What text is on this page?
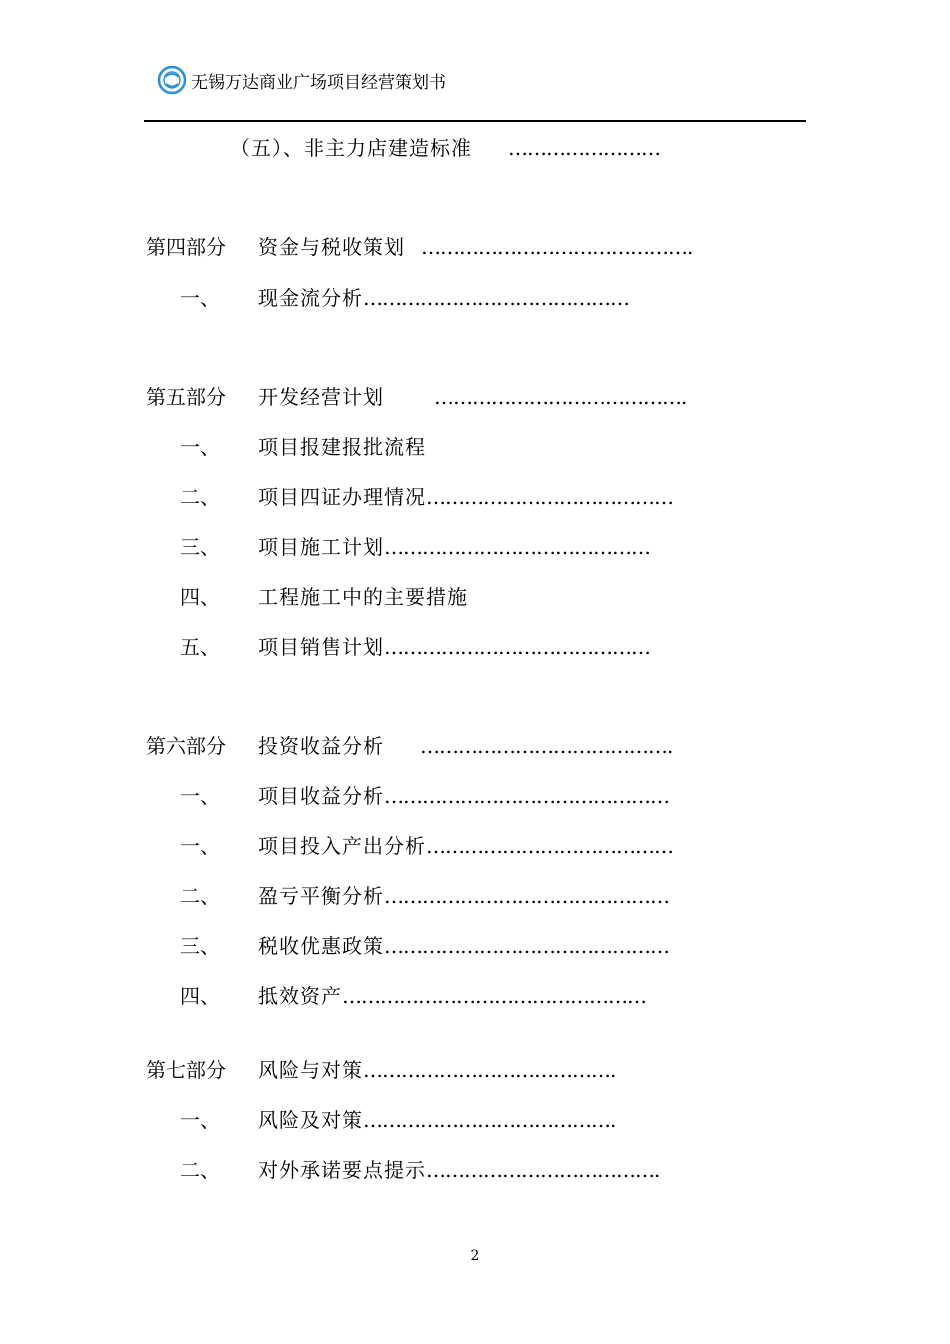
无锡万达商业广场项目经营策划书
（五）、非主力店建造标准 ……………………
第四部分 资金与税收策划 …………………………………….
一、 现金流分析……………………………………
第五部分 开发经营计划	………………………………….
一、 项目报建报批流程
二、 项目四证办理情况…………………………………
三、 项目施工计划……………………………………
四、 工程施工中的主要措施
五、 项目销售计划……………………………………
第六部分 投资收益分析 ………………………………….
一、 项目收益分析………………………………………
一、 项目投入产出分析…………………………………
二、 盈亏平衡分析………………………………………
三、 税收优惠政策………………………………………
四、 抵效资产…………………………………………
第七部分 风险与对策………………………………….
一、 风险及对策………………………………….
二、 对外承诺要点提示……………………………….
2
